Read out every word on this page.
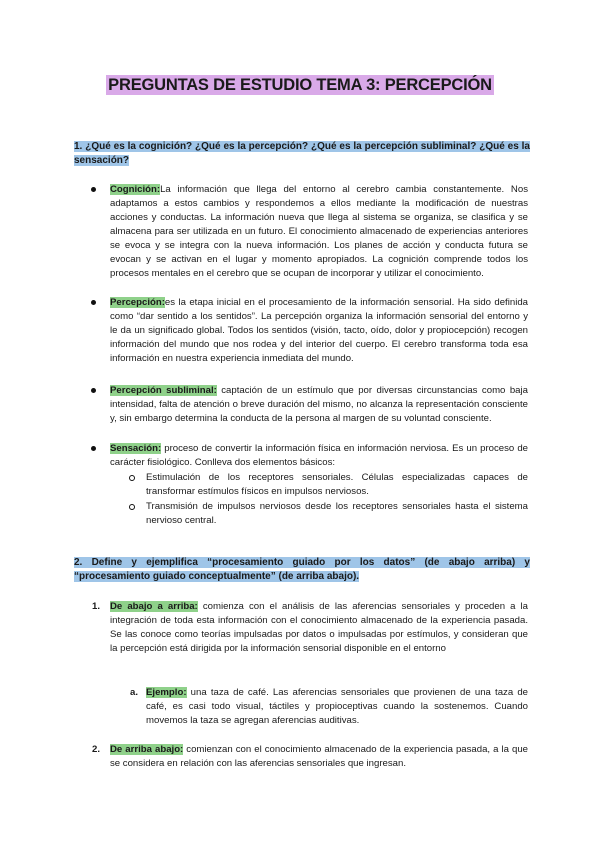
PREGUNTAS DE ESTUDIO TEMA 3: PERCEPCIÓN
1. ¿Qué es la cognición? ¿Qué es la percepción? ¿Qué es la percepción subliminal? ¿Qué es la sensación?
Cognición:La información que llega del entorno al cerebro cambia constantemente. Nos adaptamos a estos cambios y respondemos a ellos mediante la modificación de nuestras acciones y conductas. La información nueva que llega al sistema se organiza, se clasifica y se almacena para ser utilizada en un futuro. El conocimiento almacenado de experiencias anteriores se evoca y se integra con la nueva información. Los planes de acción y conducta futura se evocan y se activan en el lugar y momento apropiados. La cognición comprende todos los procesos mentales en el cerebro que se ocupan de incorporar y utilizar el conocimiento.
Percepción:es la etapa inicial en el procesamiento de la información sensorial. Ha sido definida como “dar sentido a los sentidos”. La percepción organiza la información sensorial del entorno y le da un significado global. Todos los sentidos (visión, tacto, oído, dolor y propiocepción) recogen información del mundo que nos rodea y del interior del cuerpo. El cerebro transforma toda esa información en nuestra experiencia inmediata del mundo.
Percepción subliminal: captación de un estímulo que por diversas circunstancias como baja intensidad, falta de atención o breve duración del mismo, no alcanza la representación consciente y, sin embargo determina la conducta de la persona al margen de su voluntad consciente.
Sensación: proceso de convertir la información física en información nerviosa. Es un proceso de carácter fisiológico. Conlleva dos elementos básicos:
Estimulación de los receptores sensoriales. Células especializadas capaces de transformar estímulos físicos en impulsos nerviosos.
Transmisión de impulsos nerviosos desde los receptores sensoriales hasta el sistema nervioso central.
2. Define y ejemplifica “procesamiento guiado por los datos” (de abajo arriba) y “procesamiento guiado conceptualmente” (de arriba abajo).
1. De abajo a arriba: comienza con el análisis de las aferencias sensoriales y proceden a la integración de toda esta información con el conocimiento almacenado de la experiencia pasada. Se las conoce como teorías impulsadas por datos o impulsadas por estímulos, y consideran que la percepción está dirigida por la información sensorial disponible en el entorno
a. Ejemplo: una taza de café. Las aferencias sensoriales que provienen de una taza de café, es casi todo visual, táctiles y propioceptivas cuando la sostenemos. Cuando movemos la taza se agregan aferencias auditivas.
2. De arriba abajo: comienzan con el conocimiento almacenado de la experiencia pasada, a la que se considera en relación con las aferencias sensoriales que ingresan.
